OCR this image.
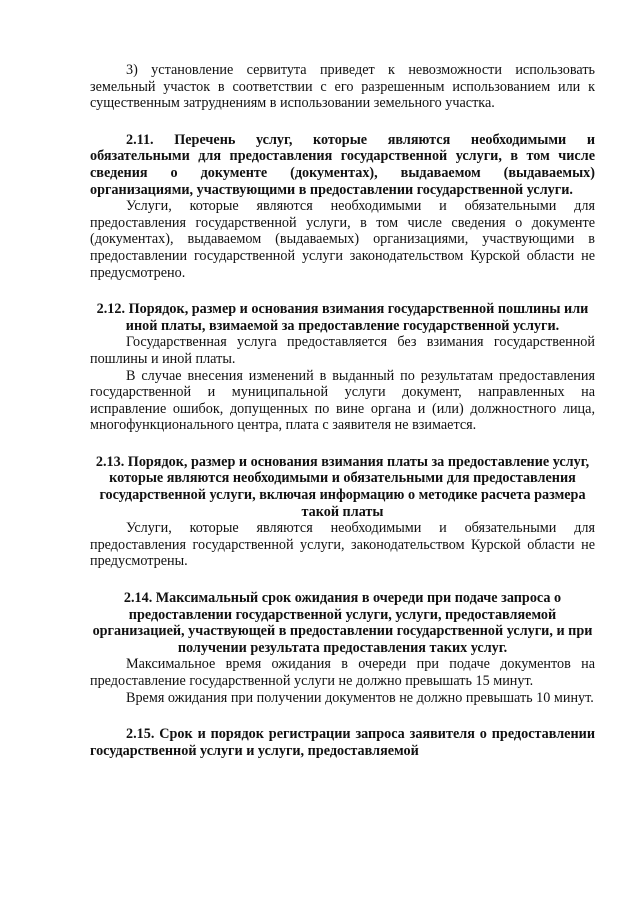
3) установление сервитута приведет к невозможности использовать земельный участок в соответствии с его разрешенным использованием или к существенным затруднениям в использовании земельного участка.

2.11. Перечень услуг, которые являются необходимыми и обязательными для предоставления государственной услуги, в том числе сведения о документе (документах), выдаваемом (выдаваемых) организациями, участвующими в предоставлении государственной услуги.

Услуги, которые являются необходимыми и обязательными для предоставления государственной услуги, в том числе сведения о документе (документах), выдаваемом (выдаваемых) организациями, участвующими в предоставлении государственной услуги законодательством Курской области не предусмотрено.

2.12. Порядок, размер и основания взимания государственной пошлины или иной платы, взимаемой за предоставление государственной услуги.

Государственная услуга предоставляется без взимания государственной пошлины и иной платы.

В случае внесения изменений в выданный по результатам предоставления государственной и муниципальной услуги документ, направленных на исправление ошибок, допущенных по вине органа и (или) должностного лица, многофункционального центра, плата с заявителя не взимается.

2.13. Порядок, размер и основания взимания платы за предоставление услуг, которые являются необходимыми и обязательными для предоставления государственной услуги, включая информацию о методике расчета размера такой платы

Услуги, которые являются необходимыми и обязательными для предоставления государственной услуги, законодательством Курской области не предусмотрены.

2.14. Максимальный срок ожидания в очереди при подаче запроса о предоставлении государственной услуги, услуги, предоставляемой организацией, участвующей в предоставлении государственной услуги, и при получении результата предоставления таких услуг.

Максимальное время ожидания в очереди при подаче документов на предоставление государственной услуги не должно превышать 15 минут.

Время ожидания при получении документов не должно превышать 10 минут.

2.15. Срок и порядок регистрации запроса заявителя о предоставлении государственной услуги и услуги, предоставляемой
